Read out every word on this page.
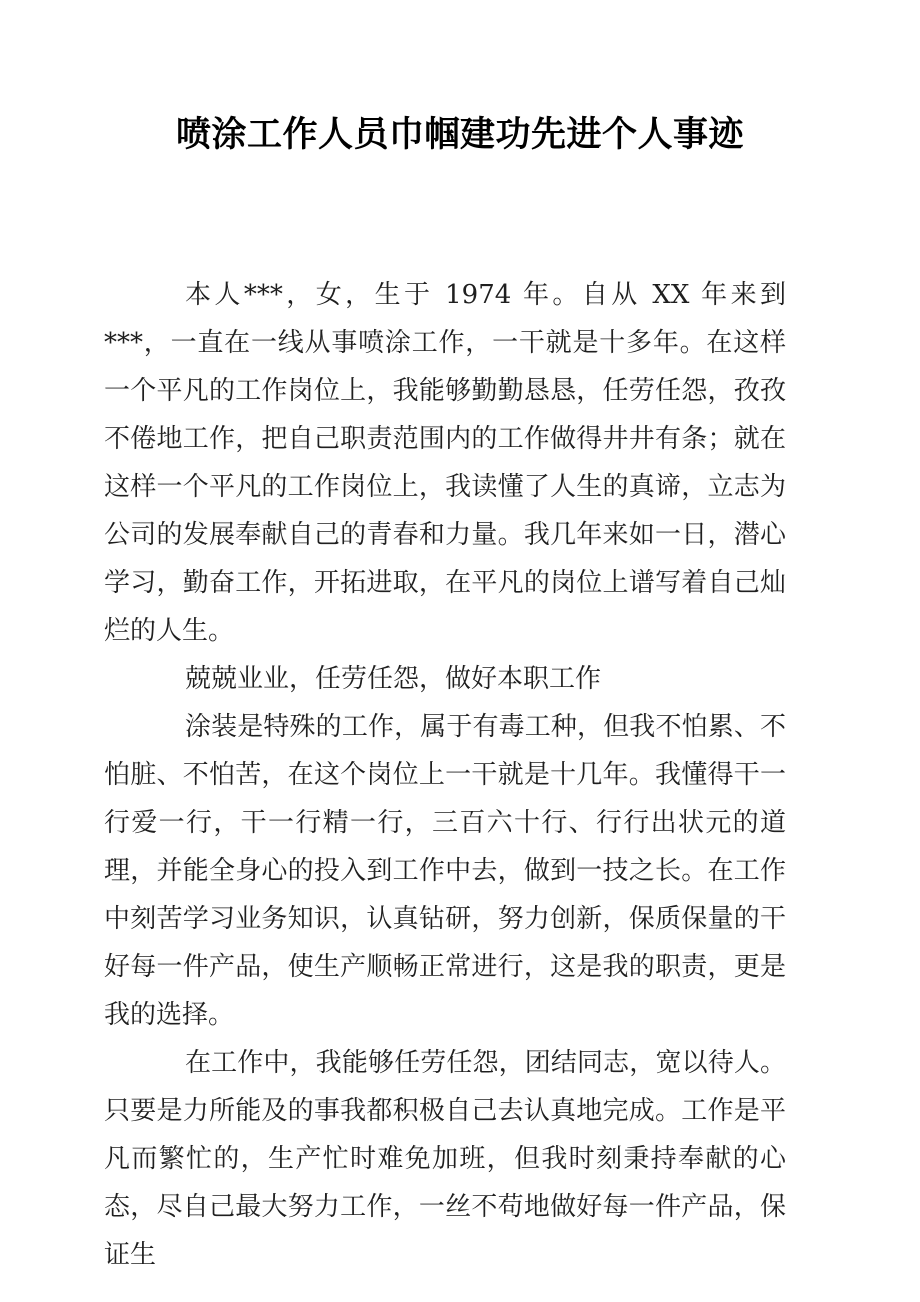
喷涂工作人员巾帼建功先进个人事迹

本人***，女，生于 1974 年。自从 XX 年来到***，一直在一线从事喷涂工作，一干就是十多年。在这样一个平凡的工作岗位上，我能够勤勤恳恳，任劳任怨，孜孜不倦地工作，把自己职责范围内的工作做得井井有条；就在这样一个平凡的工作岗位上，我读懂了人生的真谛，立志为公司的发展奉献自己的青春和力量。我几年来如一日，潜心学习，勤奋工作，开拓进取，在平凡的岗位上谱写着自己灿烂的人生。

兢兢业业，任劳任怨，做好本职工作

涂装是特殊的工作，属于有毒工种，但我不怕累、不怕脏、不怕苦，在这个岗位上一干就是十几年。我懂得干一行爱一行，干一行精一行，三百六十行、行行出状元的道理，并能全身心的投入到工作中去，做到一技之长。在工作中刻苦学习业务知识，认真钻研，努力创新，保质保量的干好每一件产品，使生产顺畅正常进行，这是我的职责，更是我的选择。

在工作中，我能够任劳任怨，团结同志，宽以待人。只要是力所能及的事我都积极自己去认真地完成。工作是平凡而繁忙的，生产忙时难免加班，但我时刻秉持奉献的心态，尽自己最大努力工作，一丝不苟地做好每一件产品，保证生
